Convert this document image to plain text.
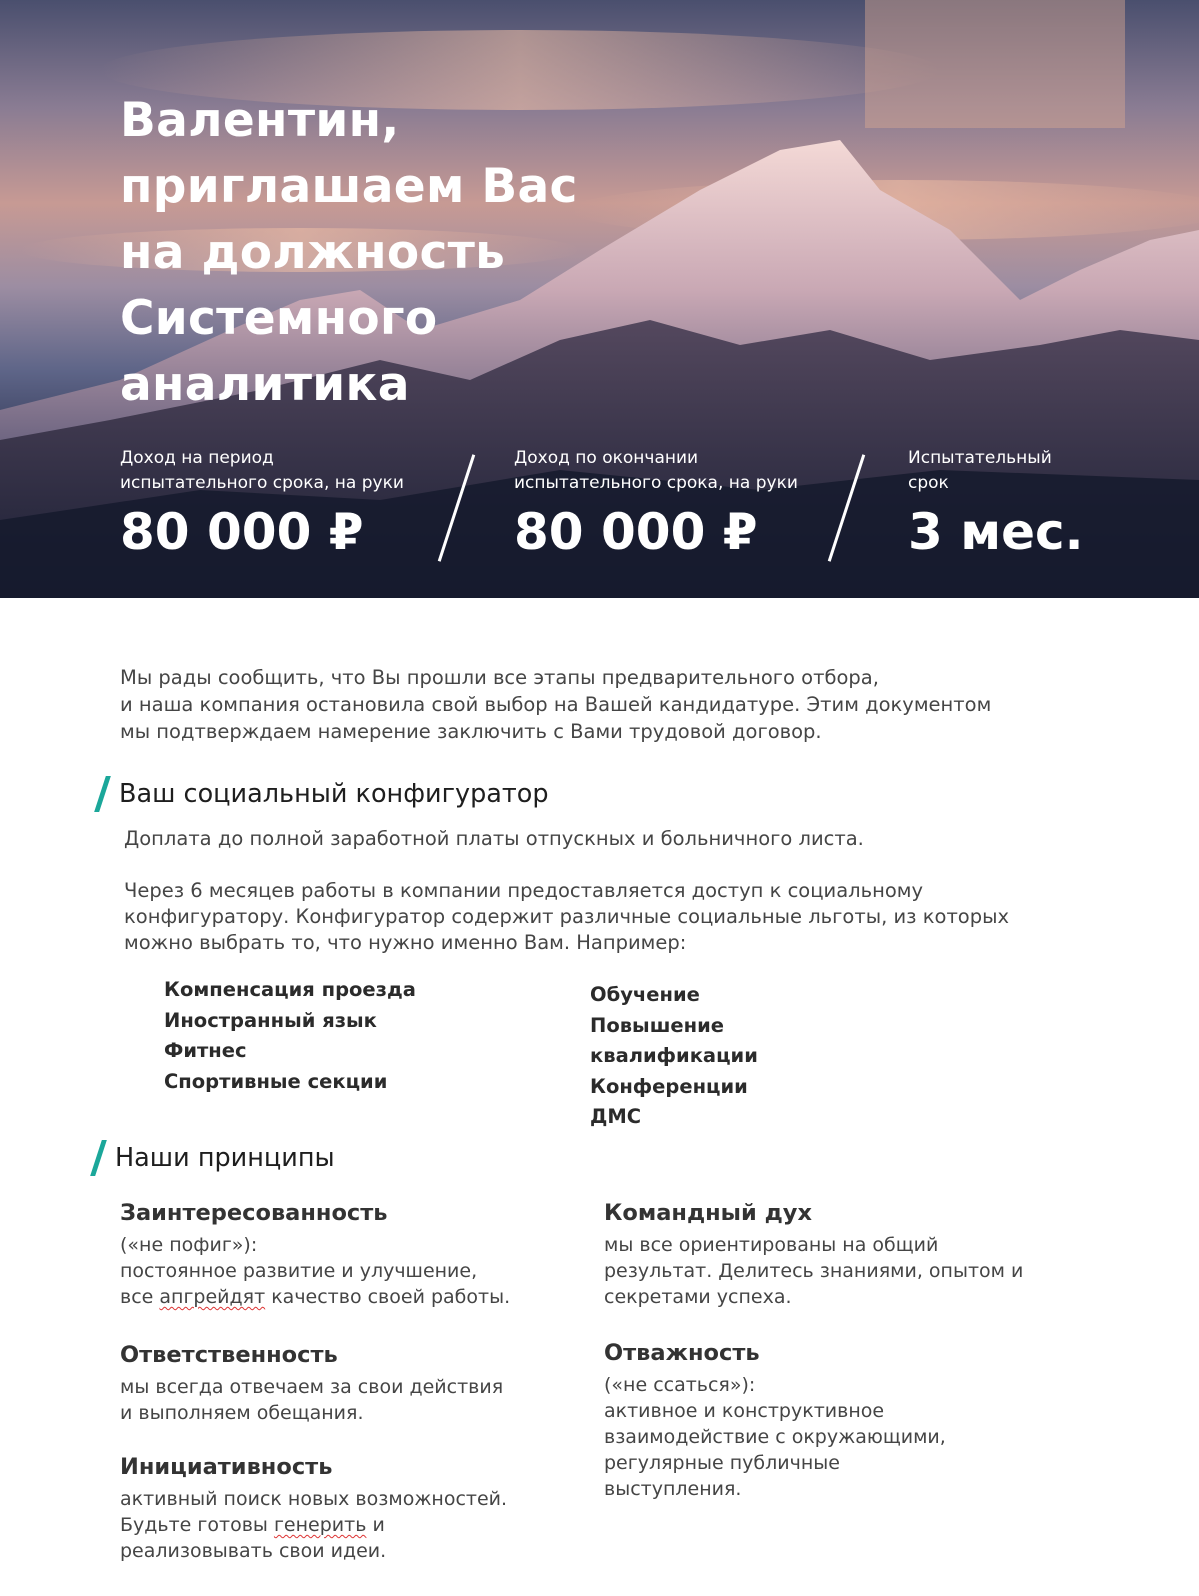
Валентин,
приглашаем Вас
на должность
Системного
аналитика

Доход на период
испытательного срока, на руки

80 000 ₽

Доход по окончании
испытательного срока, на руки

80 000 ₽

Испытательный
срок

3 мес.

Мы рады сообщить, что Вы прошли все этапы предварительного отбора,
и наша компания остановила свой выбор на Вашей кандидатуре. Этим документом
мы подтверждаем намерение заключить с Вами трудовой договор.

Ваш социальный конфигуратор

Доплата до полной заработной платы отпускных и больничного листа.

Через 6 месяцев работы в компании предоставляется доступ к социальному
конфигуратору. Конфигуратор содержит различные социальные льготы, из которых
можно выбрать то, что нужно именно Вам. Например:

Компенсация проезда
Иностранный язык
Фитнес
Спортивные секции
Обучение
Повышение
квалификации
Конференции
ДМС
Наши принципы

Заинтересованность

(«не пофиг»):
постоянное развитие и улучшение,
все апгрейдят качество своей работы.

Ответственность

мы всегда отвечаем за свои действия
и выполняем обещания.

Инициативность

активный поиск новых возможностей.
Будьте готовы генерить и
реализовывать свои идеи.

Командный дух

мы все ориентированы на общий
результат. Делитесь знаниями, опытом и
секретами успеха.

Отважность

(«не ссаться»):
активное и конструктивное
взаимодействие с окружающими,
регулярные публичные
выступления.
